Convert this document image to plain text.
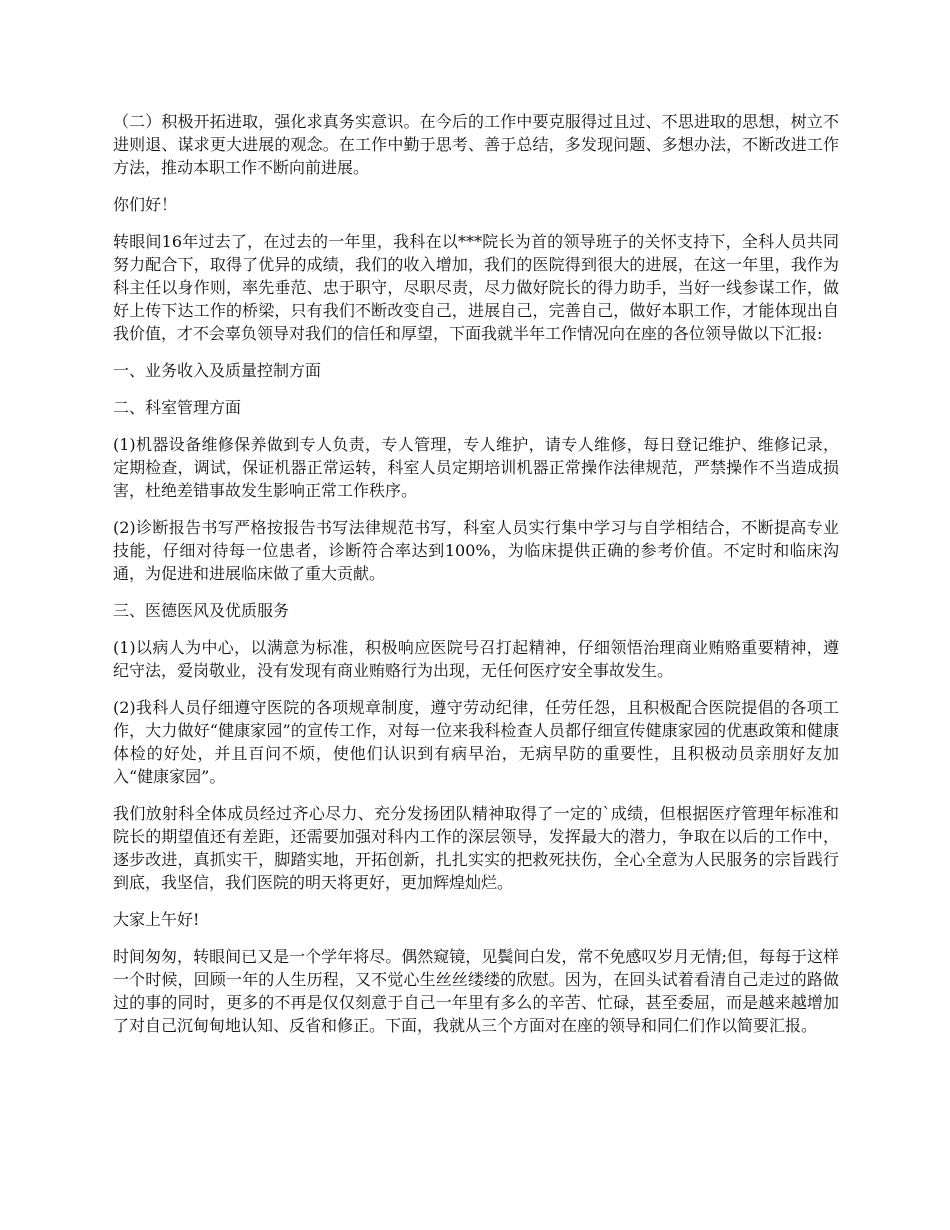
（二）积极开拓进取，强化求真务实意识。在今后的工作中要克服得过且过、不思进取的思想，树立不进则退、谋求更大进展的观念。在工作中勤于思考、善于总结，多发现问题、多想办法，不断改进工作方法，推动本职工作不断向前进展。

你们好！

转眼间16年过去了，在过去的一年里，我科在以***院长为首的领导班子的关怀支持下，全科人员共同努力配合下，取得了优异的成绩，我们的收入增加，我们的医院得到很大的进展，在这一年里，我作为科主任以身作则，率先垂范、忠于职守，尽职尽责，尽力做好院长的得力助手，当好一线参谋工作，做好上传下达工作的桥梁，只有我们不断改变自己，进展自己，完善自己，做好本职工作，才能体现出自我价值，才不会辜负领导对我们的信任和厚望，下面我就半年工作情况向在座的各位领导做以下汇报:

一、业务收入及质量控制方面

二、科室管理方面

(1)机器设备维修保养做到专人负责，专人管理，专人维护，请专人维修，每日登记维护、维修记录，定期检查，调试，保证机器正常运转，科室人员定期培训机器正常操作法律规范，严禁操作不当造成损害，杜绝差错事故发生影响正常工作秩序。

(2)诊断报告书写严格按报告书写法律规范书写，科室人员实行集中学习与自学相结合，不断提高专业技能，仔细对待每一位患者，诊断符合率达到100%，为临床提供正确的参考价值。不定时和临床沟通，为促进和进展临床做了重大贡献。

三、医德医风及优质服务

(1)以病人为中心，以满意为标准，积极响应医院号召打起精神，仔细领悟治理商业贿赂重要精神，遵纪守法，爱岗敬业，没有发现有商业贿赂行为出现，无任何医疗安全事故发生。

(2)我科人员仔细遵守医院的各项规章制度，遵守劳动纪律，任劳任怨，且积极配合医院提倡的各项工作，大力做好“健康家园”的宣传工作，对每一位来我科检查人员都仔细宣传健康家园的优惠政策和健康体检的好处，并且百问不烦，使他们认识到有病早治，无病早防的重要性，且积极动员亲朋好友加入“健康家园”。

我们放射科全体成员经过齐心尽力、充分发扬团队精神取得了一定的`成绩，但根据医疗管理年标准和院长的期望值还有差距，还需要加强对科内工作的深层领导，发挥最大的潜力，争取在以后的工作中，逐步改进，真抓实干，脚踏实地，开拓创新，扎扎实实的把救死扶伤，全心全意为人民服务的宗旨践行到底，我坚信，我们医院的明天将更好，更加辉煌灿烂。

大家上午好!

时间匆匆，转眼间已又是一个学年将尽。偶然窥镜，见鬓间白发，常不免感叹岁月无情;但，每每于这样一个时候，回顾一年的人生历程，又不觉心生丝丝缕缕的欣慰。因为，在回头试着看清自己走过的路做过的事的同时，更多的不再是仅仅刻意于自己一年里有多么的辛苦、忙碌，甚至委屈，而是越来越增加了对自己沉甸甸地认知、反省和修正。下面，我就从三个方面对在座的领导和同仁们作以简要汇报。
